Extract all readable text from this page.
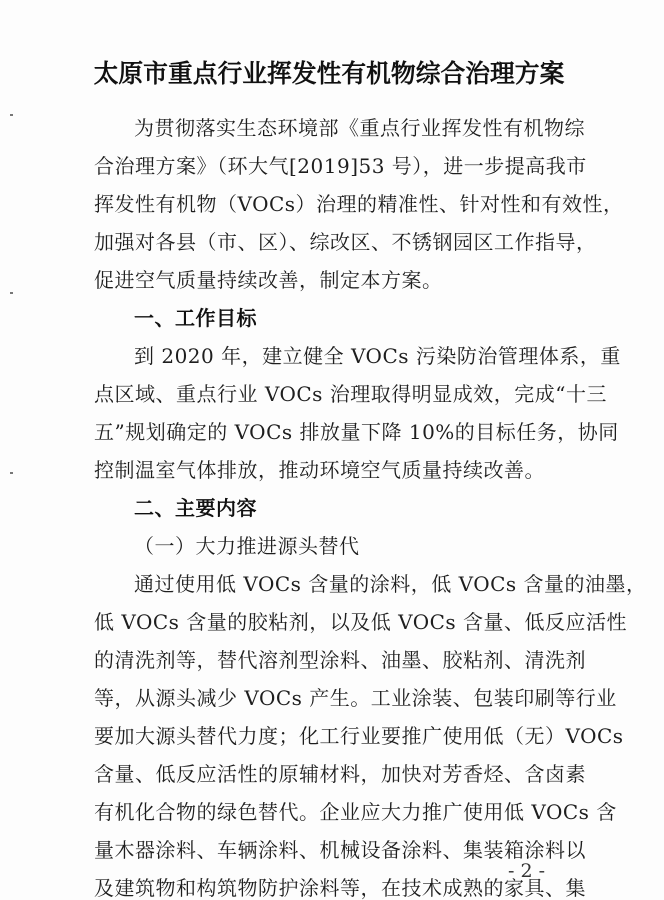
太原市重点行业挥发性有机物综合治理方案
为贯彻落实生态环境部《重点行业挥发性有机物综
合治理方案》（环大气[2019]53 号），进一步提高我市
挥发性有机物（VOCs）治理的精准性、针对性和有效性，
加强对各县（市、区）、综改区、不锈钢园区工作指导，
促进空气质量持续改善，制定本方案。
一、工作目标
到 2020 年，建立健全 VOCs 污染防治管理体系，重
点区域、重点行业 VOCs 治理取得明显成效，完成“十三
五”规划确定的 VOCs 排放量下降 10%的目标任务，协同
控制温室气体排放，推动环境空气质量持续改善。
二、主要内容
（一）大力推进源头替代
通过使用低 VOCs 含量的涂料，低 VOCs 含量的油墨，
低 VOCs 含量的胶粘剂，以及低 VOCs 含量、低反应活性
的清洗剂等，替代溶剂型涂料、油墨、胶粘剂、清洗剂
等，从源头减少 VOCs 产生。工业涂装、包装印刷等行业
要加大源头替代力度；化工行业要推广使用低（无）VOCs
含量、低反应活性的原辅材料，加快对芳香烃、含卤素
有机化合物的绿色替代。企业应大力推广使用低 VOCs 含
量木器涂料、车辆涂料、机械设备涂料、集装箱涂料以
及建筑物和构筑物防护涂料等，在技术成熟的家具、集
- 2 -
